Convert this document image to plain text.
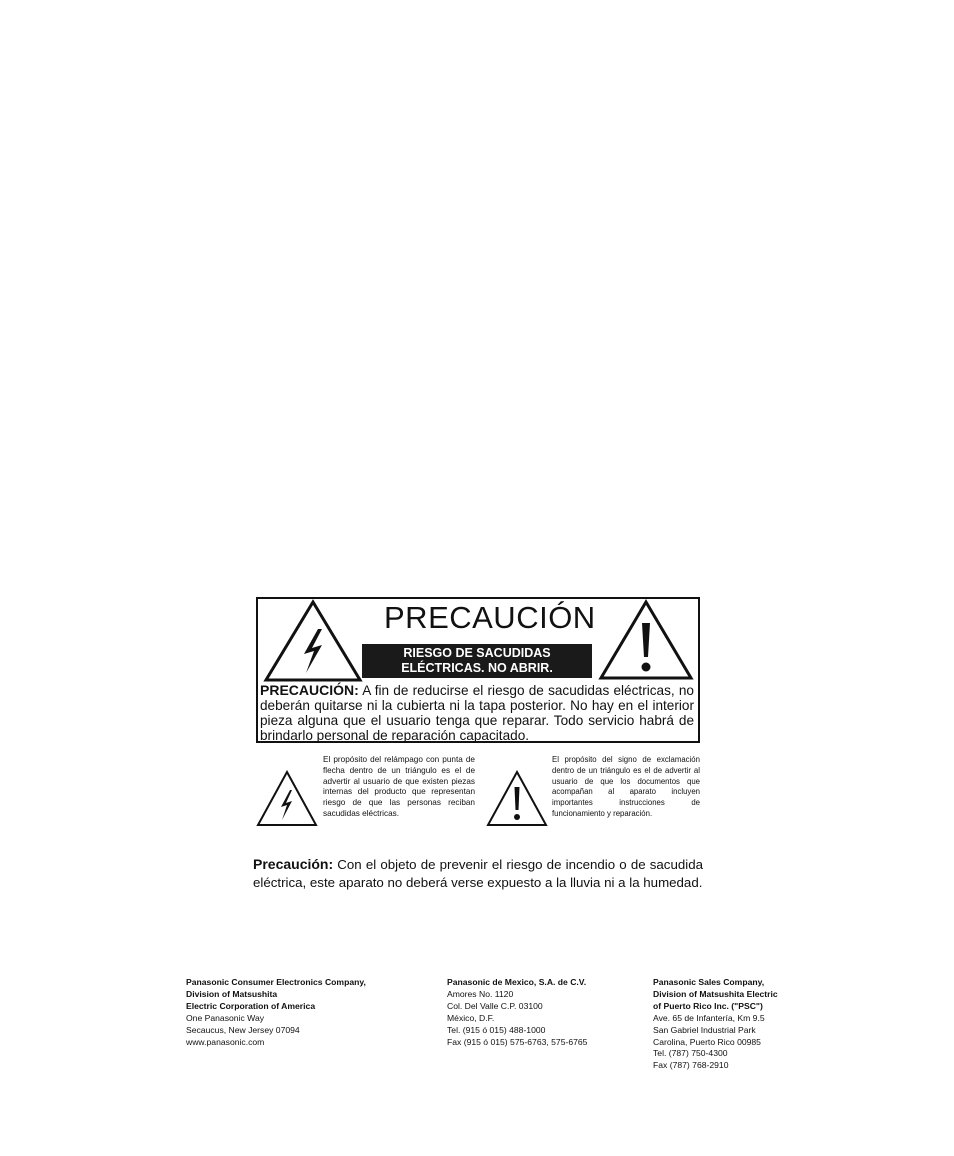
PRECAUCIÓN
RIESGO DE SACUDIDAS
ELÉCTRICAS. NO ABRIR.
PRECAUCIÓN: A fin de reducirse el riesgo de sacudidas eléctricas, no deberán quitarse ni la cubierta ni la tapa posterior. No hay en el interior pieza alguna que el usuario tenga que reparar. Todo servicio habrá de brindarlo personal de reparación capacitado.
El propósito del relámpago con punta de flecha dentro de un triángulo es el de advertir al usuario de que existen piezas internas del producto que representan riesgo de que las personas reciban sacudidas eléctricas.
El propósito del signo de exclamación dentro de un triángulo es el de advertir al usuario de que los documentos que acompañan al aparato incluyen importantes instrucciones de funcionamiento y reparación.
Precaución: Con el objeto de prevenir el riesgo de incendio o de sacudida eléctrica, este aparato no deberá verse expuesto a la lluvia ni a la humedad.
Panasonic Consumer Electronics Company,
Division of Matsushita
Electric Corporation of America
One Panasonic Way
Secaucus, New Jersey 07094
www.panasonic.com
Panasonic de Mexico, S.A. de C.V.
Amores No. 1120
Col. Del Valle C.P. 03100
México, D.F.
Tel. (915 ó 015) 488-1000
Fax (915 ó 015) 575-6763, 575-6765
Panasonic Sales Company,
Division of Matsushita Electric
of Puerto Rico Inc. ("PSC")
Ave. 65 de Infantería, Km 9.5
San Gabriel Industrial Park
Carolina, Puerto Rico 00985
Tel. (787) 750-4300
Fax (787) 768-2910
